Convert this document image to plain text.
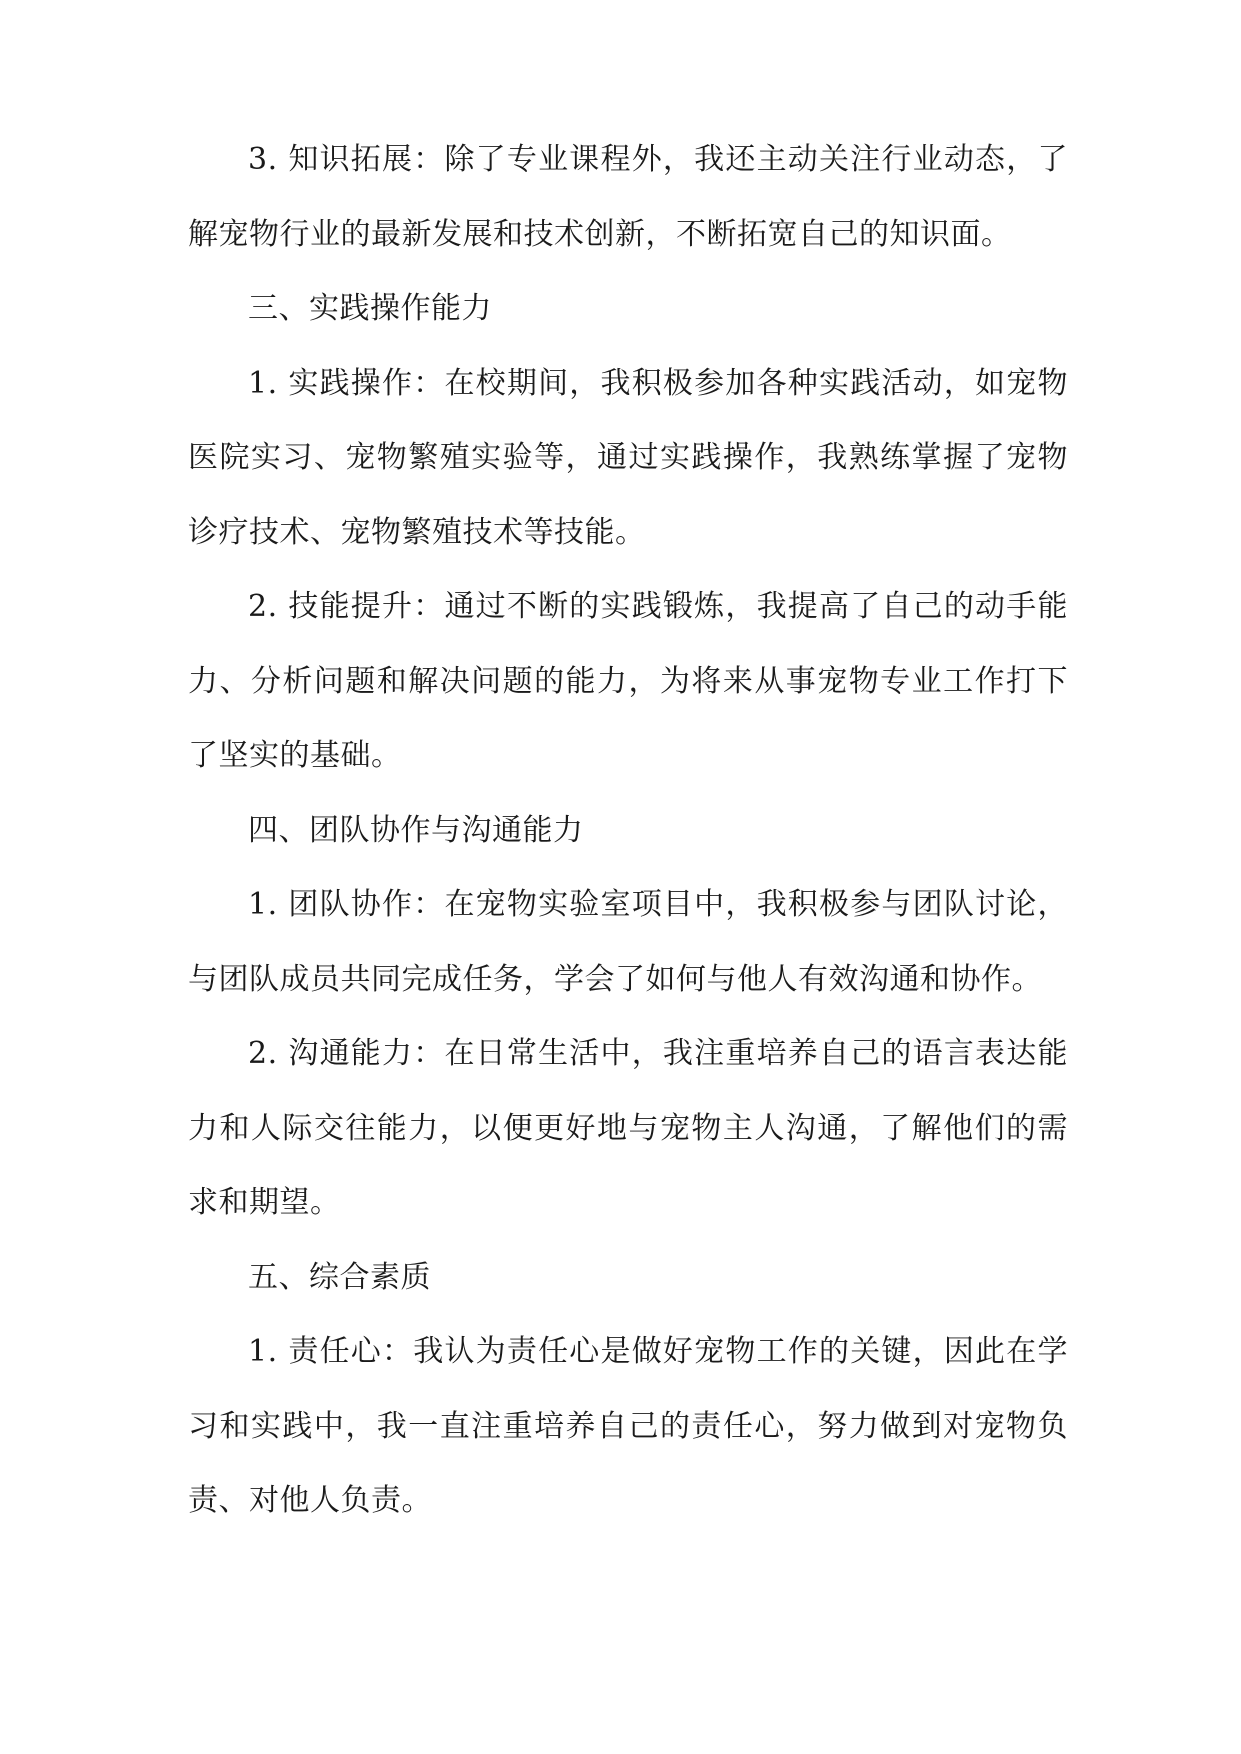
3. 知识拓展：除了专业课程外，我还主动关注行业动态，了解宠物行业的最新发展和技术创新，不断拓宽自己的知识面。

三、实践操作能力

1. 实践操作：在校期间，我积极参加各种实践活动，如宠物医院实习、宠物繁殖实验等，通过实践操作，我熟练掌握了宠物诊疗技术、宠物繁殖技术等技能。

2. 技能提升：通过不断的实践锻炼，我提高了自己的动手能力、分析问题和解决问题的能力，为将来从事宠物专业工作打下了坚实的基础。

四、团队协作与沟通能力

1. 团队协作：在宠物实验室项目中，我积极参与团队讨论，与团队成员共同完成任务，学会了如何与他人有效沟通和协作。

2. 沟通能力：在日常生活中，我注重培养自己的语言表达能力和人际交往能力，以便更好地与宠物主人沟通，了解他们的需求和期望。

五、综合素质

1. 责任心：我认为责任心是做好宠物工作的关键，因此在学习和实践中，我一直注重培养自己的责任心，努力做到对宠物负责、对他人负责。
